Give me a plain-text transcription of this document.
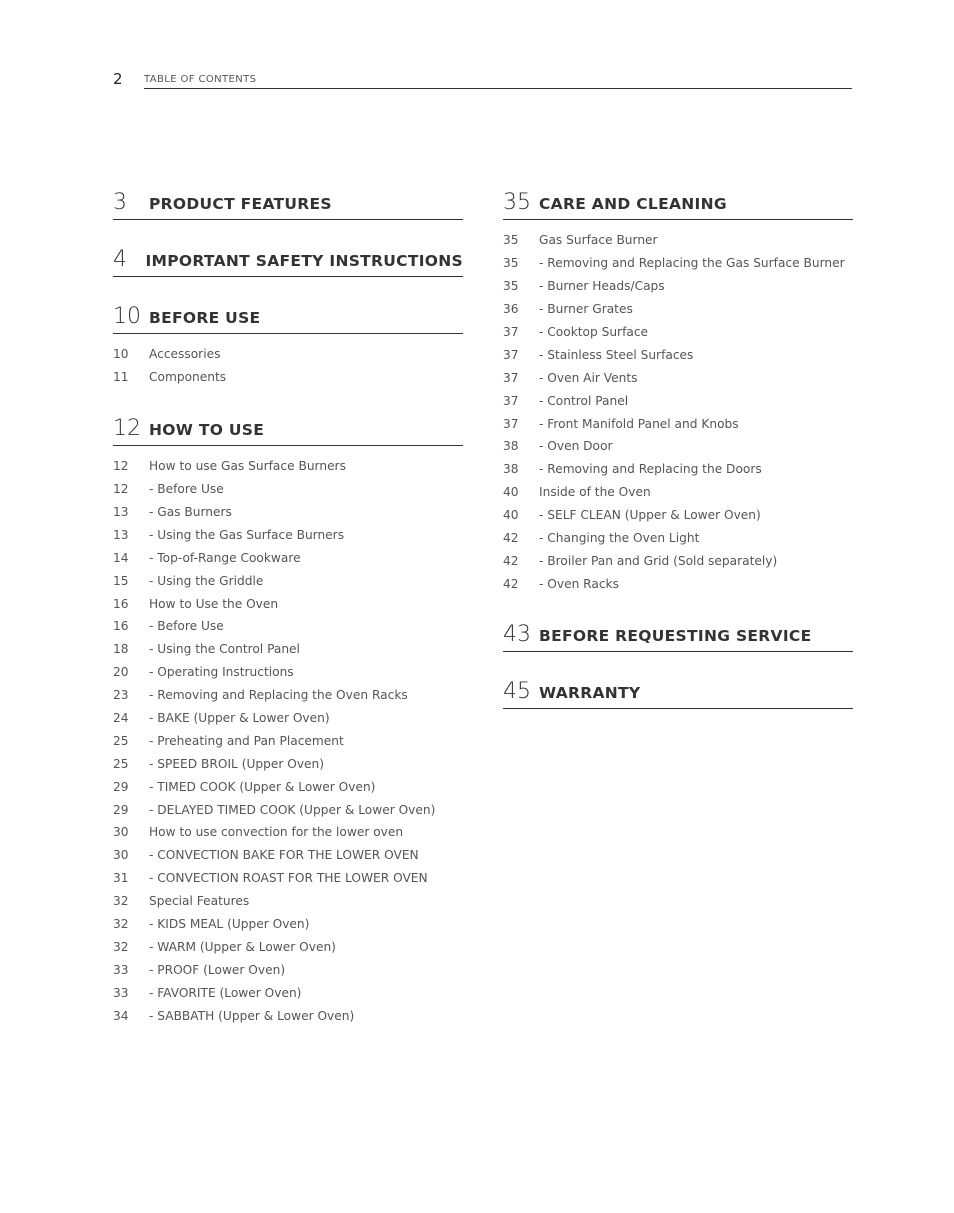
2 TABLE OF CONTENTS
3	PRODUCT FEATURES
4	IMPORTANT SAFETY INSTRUCTIONS
10 BEFORE USE
10	Accessories
11	Components
12 HOW TO USE
12	How to use Gas Surface Burners
12	- Before Use
13	- Gas Burners
13	- Using the Gas Surface Burners
14	- Top-of-Range Cookware
15	- Using the Griddle
16	How to Use the Oven
16	- Before Use
18	- Using the Control Panel
20	- Operating Instructions
23	- Removing and Replacing the Oven Racks
24	- BAKE (Upper & Lower Oven)
25	- Preheating and Pan Placement
25	- SPEED BROIL (Upper Oven)
29	- TIMED COOK (Upper & Lower Oven)
29	- DELAYED TIMED COOK (Upper & Lower Oven)
30	How to use convection for the lower oven
30	- CONVECTION BAKE FOR THE LOWER OVEN
31	- CONVECTION ROAST FOR THE LOWER OVEN
32	Special Features
32	- KIDS MEAL (Upper Oven)
32	- WARM (Upper & Lower Oven)
33	- PROOF (Lower Oven)
33	- FAVORITE (Lower Oven)
34	- SABBATH (Upper & Lower Oven)
35 CARE AND CLEANING
35	Gas Surface Burner
35	- Removing and Replacing the Gas Surface Burner
35	- Burner Heads/Caps
36	- Burner Grates
37	- Cooktop Surface
37	- Stainless Steel Surfaces
37	- Oven Air Vents
37	- Control Panel
37	- Front Manifold Panel and Knobs
38	- Oven Door
38	- Removing and Replacing the Doors
40	Inside of the Oven
40	- SELF CLEAN (Upper & Lower Oven)
42	- Changing the Oven Light
42	- Broiler Pan and Grid (Sold separately)
42	- Oven Racks
43 BEFORE REQUESTING SERVICE
45 WARRANTY
